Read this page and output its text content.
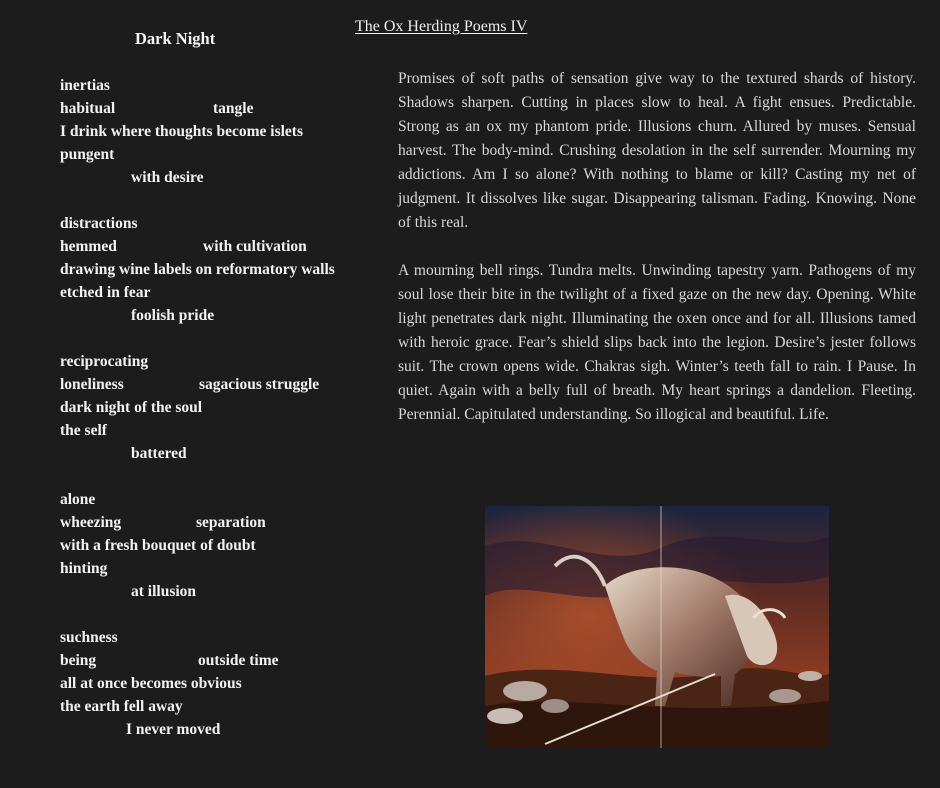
The Ox Herding Poems IV
Dark Night
inertias
habitual	tangle
I drink where thoughts become islets
pungent
with desire
distractions
hemmed	with cultivation
drawing wine labels on reformatory walls
etched in fear
foolish pride
reciprocating
loneliness	sagacious struggle
dark night of the soul
the self
battered
alone
wheezing	separation
with a fresh bouquet of doubt
hinting
at illusion
suchness
being	outside time
all at once becomes obvious
the earth fell away
I never moved

Promises of soft paths of sensation give way to the textured shards of history. Shadows sharpen. Cutting in places slow to heal. A fight ensues. Predictable. Strong as an ox my phantom pride. Illusions churn. Allured by muses. Sensual harvest. The body-mind. Crushing desolation in the self surrender. Mourning my addictions. Am I so alone? With nothing to blame or kill? Casting my net of judgment. It dissolves like sugar. Disappearing talisman. Fading. Knowing. None of this real.

A mourning bell rings. Tundra melts. Unwinding tapestry yarn. Pathogens of my soul lose their bite in the twilight of a fixed gaze on the new day. Opening. White light penetrates dark night. Illuminating the oxen once and for all. Illusions tamed with heroic grace. Fear’s shield slips back into the legion. Desire’s jester follows suit. The crown opens wide. Chakras sigh. Winter’s teeth fall to rain. I Pause. In quiet. Again with a belly full of breath. My heart springs a dandelion. Fleeting. Perennial. Capitulated understanding. So illogical and beautiful. Life.
